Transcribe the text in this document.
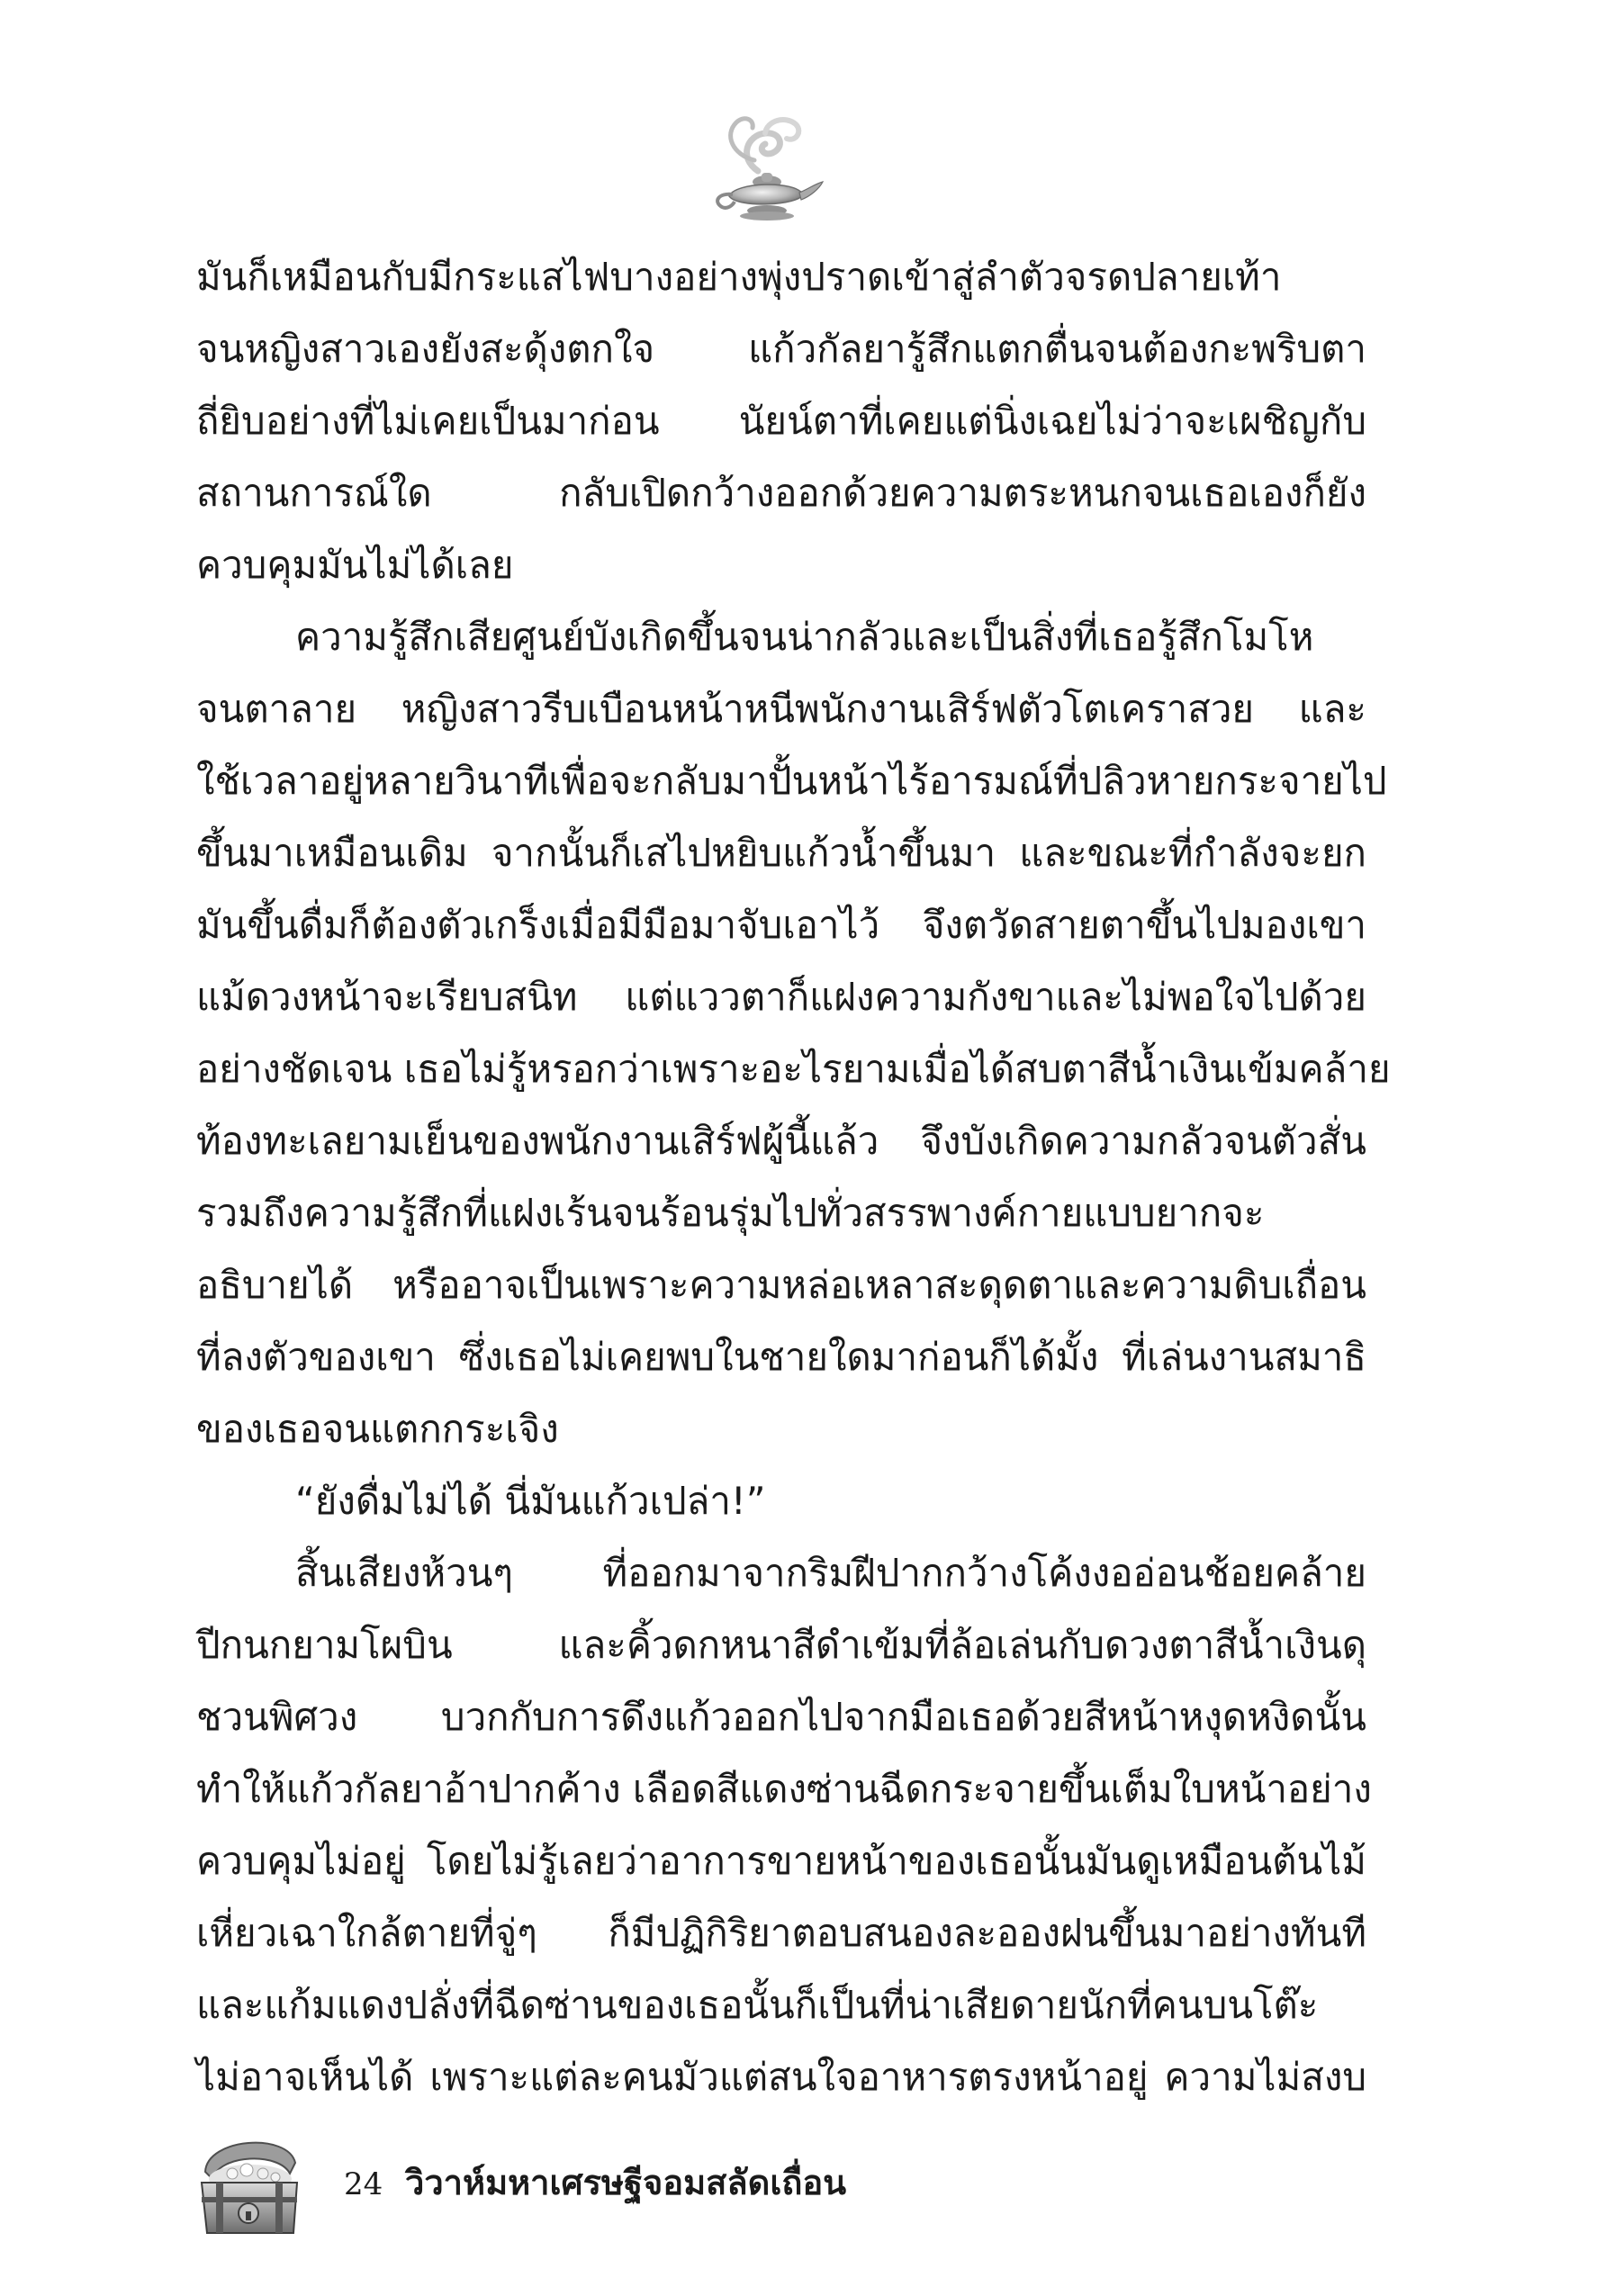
มันก็เหมือนกับมีกระแสไฟบางอย่างพุ่งปราดเข้าสู่ลำตัวจรดปลายเท้า
จนหญิงสาวเองยังสะดุ้งตกใจ แก้วกัลยารู้สึกแตกตื่นจนต้องกะพริบตา
ถี่ยิบอย่างที่ไม่เคยเป็นมาก่อน นัยน์ตาที่เคยแต่นิ่งเฉยไม่ว่าจะเผชิญกับ
สถานการณ์ใด กลับเปิดกว้างออกด้วยความตระหนกจนเธอเองก็ยัง
ควบคุมมันไม่ได้เลย
ความรู้สึกเสียศูนย์บังเกิดขึ้นจนน่ากลัวและเป็นสิ่งที่เธอรู้สึกโมโห
จนตาลาย หญิงสาวรีบเบือนหน้าหนีพนักงานเสิร์ฟตัวโตเคราสวย และ
ใช้เวลาอยู่หลายวินาทีเพื่อจะกลับมาปั้นหน้าไร้อารมณ์ที่ปลิวหายกระจายไป
ขึ้นมาเหมือนเดิม จากนั้นก็เสไปหยิบแก้วน้ำขึ้นมา และขณะที่กำลังจะยก
มันขึ้นดื่มก็ต้องตัวเกร็งเมื่อมีมือมาจับเอาไว้ จึงตวัดสายตาขึ้นไปมองเขา
แม้ดวงหน้าจะเรียบสนิท แต่แววตาก็แฝงความกังขาและไม่พอใจไปด้วย
อย่างชัดเจน เธอไม่รู้หรอกว่าเพราะอะไรยามเมื่อได้สบตาสีน้ำเงินเข้มคล้าย
ท้องทะเลยามเย็นของพนักงานเสิร์ฟผู้นี้แล้ว จึงบังเกิดความกลัวจนตัวสั่น
รวมถึงความรู้สึกที่แฝงเร้นจนร้อนรุ่มไปทั่วสรรพางค์กายแบบยากจะ
อธิบายได้ หรืออาจเป็นเพราะความหล่อเหลาสะดุดตาและความดิบเถื่อน
ที่ลงตัวของเขา ซึ่งเธอไม่เคยพบในชายใดมาก่อนก็ได้มั้ง ที่เล่นงานสมาธิ
ของเธอจนแตกกระเจิง
“ยังดื่มไม่ได้ นี่มันแก้วเปล่า!”
สิ้นเสียงห้วนๆ ที่ออกมาจากริมฝีปากกว้างโค้งงออ่อนช้อยคล้าย
ปีกนกยามโผบิน และคิ้วดกหนาสีดำเข้มที่ล้อเล่นกับดวงตาสีน้ำเงินดุ
ชวนพิศวง บวกกับการดึงแก้วออกไปจากมือเธอด้วยสีหน้าหงุดหงิดนั้น
ทำให้แก้วกัลยาอ้าปากค้าง เลือดสีแดงซ่านฉีดกระจายขึ้นเต็มใบหน้าอย่าง
ควบคุมไม่อยู่ โดยไม่รู้เลยว่าอาการขายหน้าของเธอนั้นมันดูเหมือนต้นไม้
เหี่ยวเฉาใกล้ตายที่จู่ๆ ก็มีปฏิกิริยาตอบสนองละอองฝนขึ้นมาอย่างทันที
และแก้มแดงปลั่งที่ฉีดซ่านของเธอนั้นก็เป็นที่น่าเสียดายนักที่คนบนโต๊ะ
ไม่อาจเห็นได้ เพราะแต่ละคนมัวแต่สนใจอาหารตรงหน้าอยู่ ความไม่สงบ
24 วิวาห์มหาเศรษฐีจอมสลัดเถื่อน
